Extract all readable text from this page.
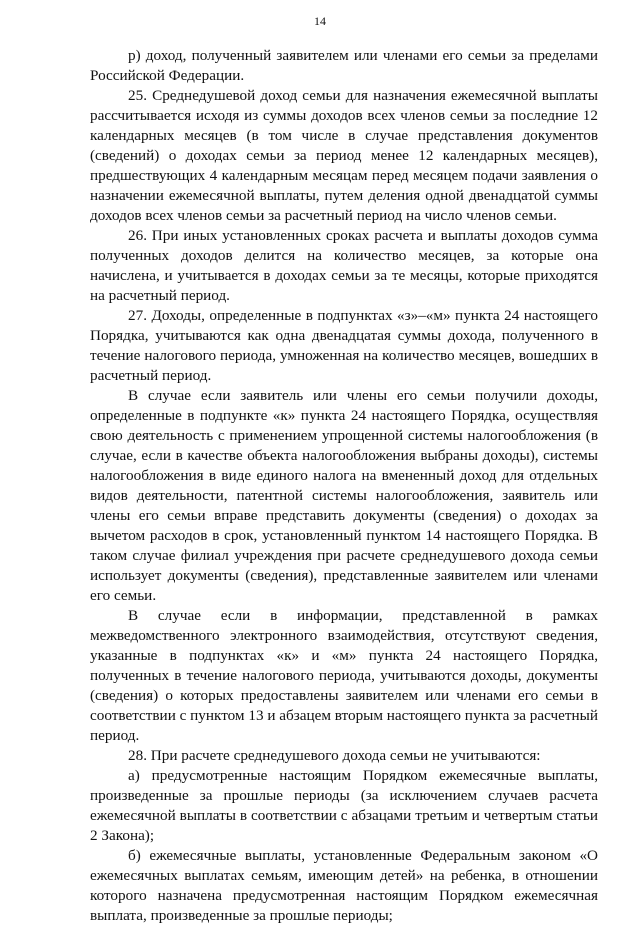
14

р) доход, полученный заявителем или членами его семьи за пределами Российской Федерации.

25. Среднедушевой доход семьи для назначения ежемесячной выплаты рассчитывается исходя из суммы доходов всех членов семьи за последние 12 календарных месяцев (в том числе в случае представления документов (сведений) о доходах семьи за период менее 12 календарных месяцев), предшествующих 4 календарным месяцам перед месяцем подачи заявления о назначении ежемесячной выплаты, путем деления одной двенадцатой суммы доходов всех членов семьи за расчетный период на число членов семьи.

26. При иных установленных сроках расчета и выплаты доходов сумма полученных доходов делится на количество месяцев, за которые она начислена, и учитывается в доходах семьи за те месяцы, которые приходятся на расчетный период.

27. Доходы, определенные в подпунктах «з»–«м» пункта 24 настоящего Порядка, учитываются как одна двенадцатая суммы дохода, полученного в течение налогового периода, умноженная на количество месяцев, вошедших в расчетный период.

В случае если заявитель или члены его семьи получили доходы, определенные в подпункте «к» пункта 24 настоящего Порядка, осуществляя свою деятельность с применением упрощенной системы налогообложения (в случае, если в качестве объекта налогообложения выбраны доходы), системы налогообложения в виде единого налога на вмененный доход для отдельных видов деятельности, патентной системы налогообложения, заявитель или члены его семьи вправе представить документы (сведения) о доходах за вычетом расходов в срок, установленный пунктом 14 настоящего Порядка. В таком случае филиал учреждения при расчете среднедушевого дохода семьи использует документы (сведения), представленные заявителем или членами его семьи.

В случае если в информации, представленной в рамках межведомственного электронного взаимодействия, отсутствуют сведения, указанные в подпунктах «к» и «м» пункта 24 настоящего Порядка, полученных в течение налогового периода, учитываются доходы, документы (сведения) о которых предоставлены заявителем или членами его семьи в соответствии с пунктом 13 и абзацем вторым настоящего пункта за расчетный период.

28. При расчете среднедушевого дохода семьи не учитываются:

а) предусмотренные настоящим Порядком ежемесячные выплаты, произведенные за прошлые периоды (за исключением случаев расчета ежемесячной выплаты в соответствии с абзацами третьим и четвертым статьи 2 Закона);

б) ежемесячные выплаты, установленные Федеральным законом «О ежемесячных выплатах семьям, имеющим детей» на ребенка, в отношении которого назначена предусмотренная настоящим Порядком ежемесячная выплата, произведенные за прошлые периоды;
